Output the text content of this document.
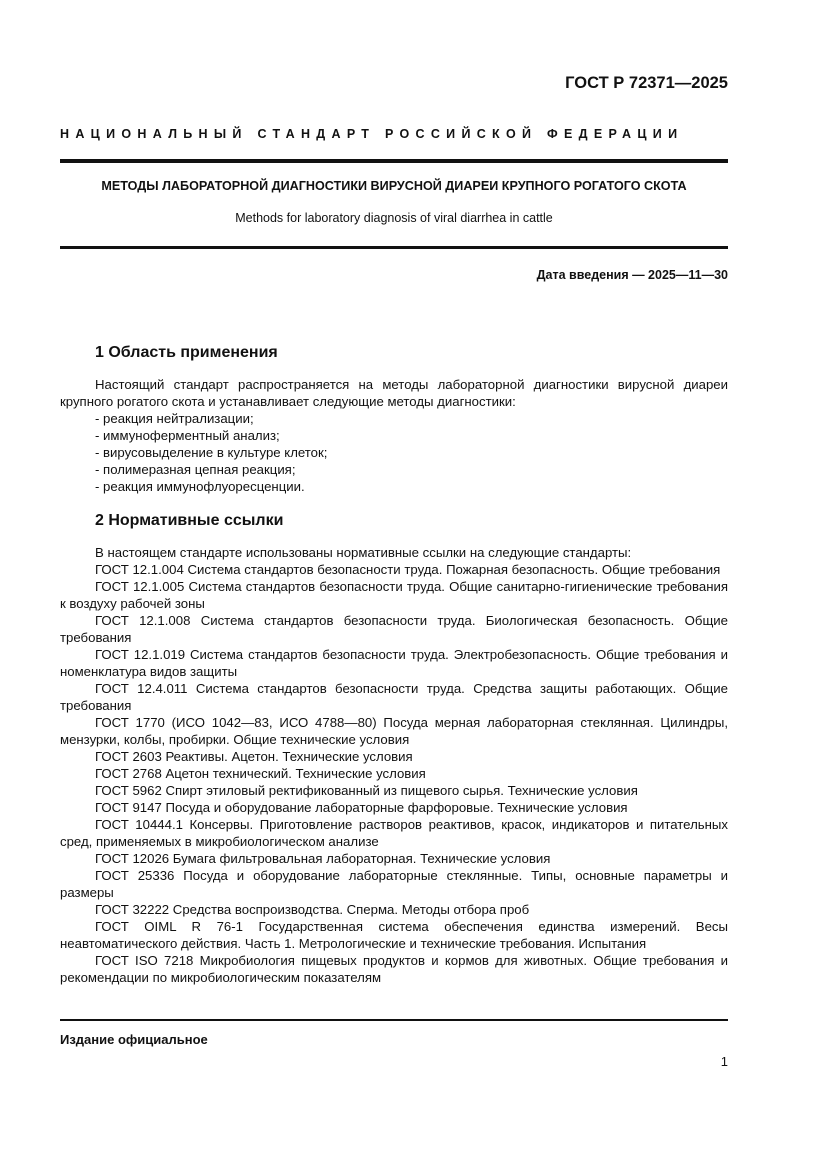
ГОСТ Р 72371—2025
НАЦИОНАЛЬНЫЙ СТАНДАРТ РОССИЙСКОЙ ФЕДЕРАЦИИ
МЕТОДЫ ЛАБОРАТОРНОЙ ДИАГНОСТИКИ ВИРУСНОЙ ДИАРЕИ КРУПНОГО РОГАТОГО СКОТА
Methods for laboratory diagnosis of viral diarrhea in cattle
Дата введения — 2025—11—30
1 Область применения

Настоящий стандарт распространяется на методы лабораторной диагностики вирусной диареи крупного рогатого скота и устанавливает следующие методы диагностики:

- реакция нейтрализации;

- иммуноферментный анализ;

- вирусовыделение в культуре клеток;

- полимеразная цепная реакция;

- реакция иммунофлуоресценции.

2 Нормативные ссылки

В настоящем стандарте использованы нормативные ссылки на следующие стандарты:

ГОСТ 12.1.004 Система стандартов безопасности труда. Пожарная безопасность. Общие требования

ГОСТ 12.1.005 Система стандартов безопасности труда. Общие санитарно-гигиенические требования к воздуху рабочей зоны

ГОСТ 12.1.008 Система стандартов безопасности труда. Биологическая безопасность. Общие требования

ГОСТ 12.1.019 Система стандартов безопасности труда. Электробезопасность. Общие требования и номенклатура видов защиты

ГОСТ 12.4.011 Система стандартов безопасности труда. Средства защиты работающих. Общие требования

ГОСТ 1770 (ИСО 1042—83, ИСО 4788—80) Посуда мерная лабораторная стеклянная. Цилиндры, мензурки, колбы, пробирки. Общие технические условия

ГОСТ 2603 Реактивы. Ацетон. Технические условия

ГОСТ 2768 Ацетон технический. Технические условия

ГОСТ 5962 Спирт этиловый ректификованный из пищевого сырья. Технические условия

ГОСТ 9147 Посуда и оборудование лабораторные фарфоровые. Технические условия

ГОСТ 10444.1 Консервы. Приготовление растворов реактивов, красок, индикаторов и питательных сред, применяемых в микробиологическом анализе

ГОСТ 12026 Бумага фильтровальная лабораторная. Технические условия

ГОСТ 25336 Посуда и оборудование лабораторные стеклянные. Типы, основные параметры и размеры

ГОСТ 32222 Средства воспроизводства. Сперма. Методы отбора проб

ГОСТ OIML R 76-1 Государственная система обеспечения единства измерений. Весы неавтоматического действия. Часть 1. Метрологические и технические требования. Испытания

ГОСТ ISO 7218 Микробиология пищевых продуктов и кормов для животных. Общие требования и рекомендации по микробиологическим показателям

Издание официальное
1
